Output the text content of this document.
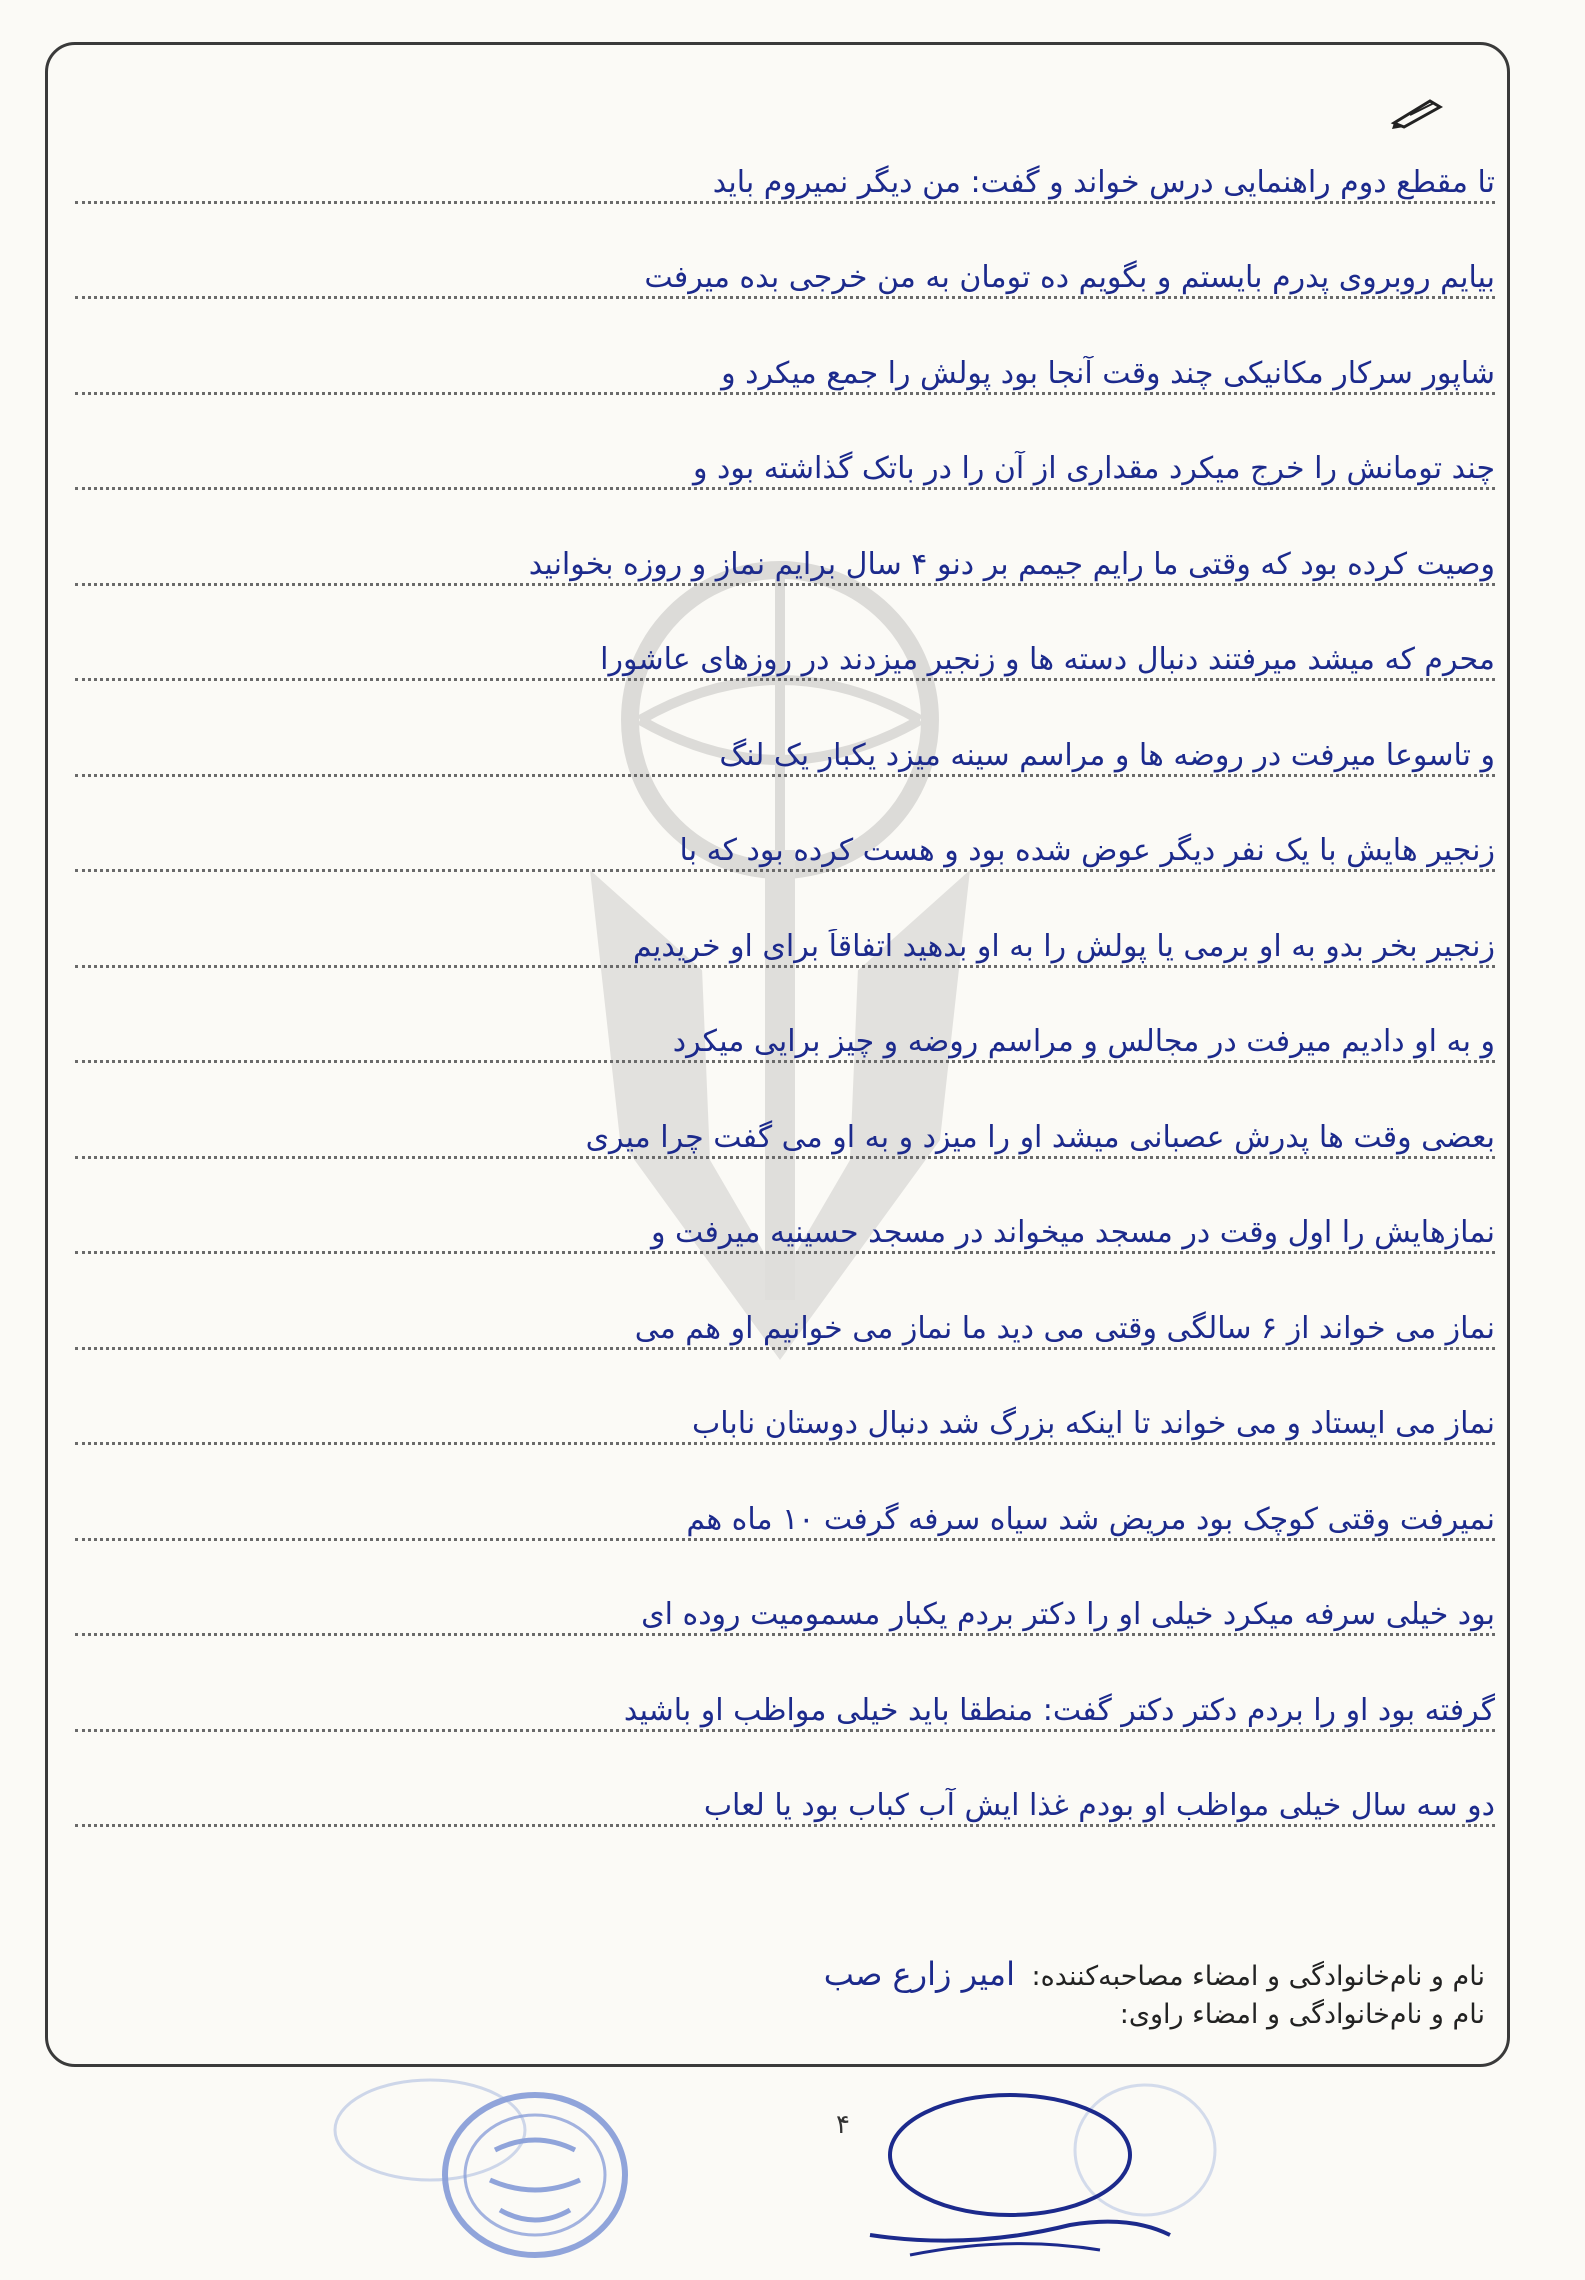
تا مقطع دوم راهنمایی درس خواند و گفت: من دیگر نمیروم باید
بیایم روبروی پدرم بایستم و بگویم ده تومان به من خرجی بده میرفت
شاپور سرکار مکانیکی چند وقت آنجا بود پولش را جمع میکرد و
چند تومانش را خرج میکرد مقداری از آن را در باتک گذاشته بود و
وصیت کرده بود که وقتی ما رایم جیمم بر دنو ۴ سال برایم نماز و روزه بخوانید
محرم که میشد میرفتند دنبال دسته ها و زنجیر میزدند در روزهای عاشورا
و تاسوعا میرفت در روضه ها و مراسم سینه میزد یکبار یک لنگ
زنجیر هایش با یک نفر دیگر عوض شده بود و هست کرده بود که با
زنجیر بخر بدو به او برمی یا پولش را به او بدهید اتفاقاً برای او خریدیم
و به او دادیم میرفت در مجالس و مراسم روضه و چیز برایی میکرد
بعضی وقت ها پدرش عصبانی میشد او را میزد و به او می گفت چرا میری
نمازهایش را اول وقت در مسجد میخواند در مسجد حسینیه میرفت و
نماز می خواند از ۶ سالگی وقتی می دید ما نماز می خوانیم او هم می
نماز می ایستاد و می خواند تا اینکه بزرگ شد دنبال دوستان ناباب
نمیرفت وقتی کوچک بود مریض شد سیاه سرفه گرفت ۱۰ ماه هم
بود خیلی سرفه میکرد خیلی او را دکتر بردم یکبار مسمومیت روده ای
گرفته بود او را بردم دکتر دکتر گفت: منطقا باید خیلی مواظب او باشید
دو سه سال خیلی مواظب او بودم غذا ایش آب کباب بود یا لعاب
نام و نام‌خانوادگی و امضاء مصاحبه‌کننده: امیر زارع صب
نام و نام‌خانوادگی و امضاء راوی:
۴
